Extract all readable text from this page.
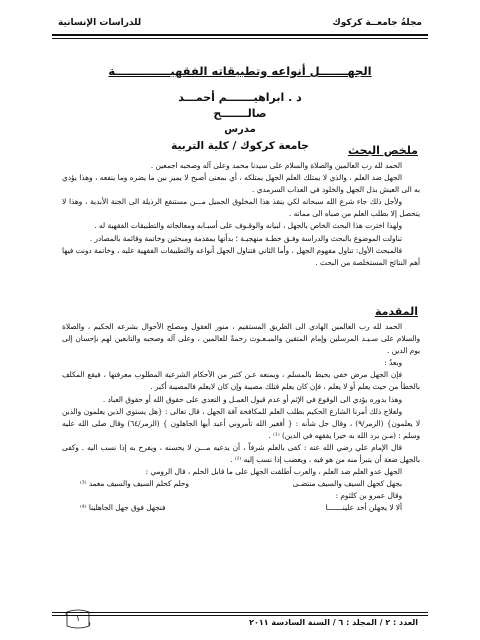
مجلةُ جامعــة كركوك
للدراسات الإنسانية
الجهـــــــل أنواعه وتطبيقاته الفقهيــــــــــــــة
د . ابراهيـــــــم أحمـــد صالـــــــح
مدرس
جامعة كركوك / كلية التربية	ملخص البحث

الحمد لله رب العالمين والصلاة والسلام على سيدنا محمد وعلى آله وصحبه اجمعين .

الجهل ضد العلم ، والذي لا يمتلك العلم الجهل يمتلكه ، أي بمعنى أصبح لا يميز بين ما يضره وما ينفعه ، وهذا يؤدي به الى العيش بذل الجهل والخلود في العذاب السرمدي .

ولأجل ذلك جاء شرع الله سبحانه لكي ينقذ هذا المخلوق الجميل مـــن مستنقع الرذيلة الى الجنة الأبدية ، وهذا لا يتحصل إلا بطلب العلم من صباه الى مماته .

ولهذا اخترت هذا البحث الخاص بالجهل ، لبيانه والوقـوف على أسبـابه ومعالجاته والتطبيقات الفقهية له .

تناولت الموضوع بالبحث والدراسة وفـق خطـة منهجيـة ؛ بدأتها بمقدمة ومبحثين وخاتمة وقائمة بالمصادر .

فالمبحث الأول: تناول مفهوم الجهل ، وأما الثاني فتناول الجهل أنواعه والتطبيقات الفقهية عليه ، وخاتمة دونت فيها أهم النتائج المستخلصة من البحث .

المقدمة

الحمد لله رب العالمين الهادي الى الطريق المستقيم ، منور العقول ومصلح الأحوال بشرعه الحكيم ، والصلاة والسلام على سـيـد المرسلين وإمام المتقين والمبـعـوث رحمةً للعالمين ، وعلى آله وصحبه والتابعين لهم بإحسان إلى يوم الدين .

وبعدُ :

فإن الجهل مرض خفي يحيط بالمسلم ، ويمنعه عـن كثير من الأحكام الشرعية المطلوب معرفتها ، فيقع المكلف بالخطأ من حيث يعلم أو لا يعلم ، فإن كان يعلم فتلك مصيبة وإن كان لايعلم فالمصيبة أكبر .

وهذا بدوره يؤدي الى الوقوع في الإثم أو عدم قبول العمـل و التعدي على حقوق الله أو حقوق العباد .

ولعلاج ذلك أمرنا الشارع الحكيم بطلب العلم للمكافحة آفة الجهل ، قال تعالى : {هل يستوي الذين يعلمون والذين لا يعلمون} (الزمر/٩) ، وقال جل شأنه : { أفغير الله تأمروني أعبد أيها الجاهلون } (الزمر/٦٤) وقال صلى الله عليه وسلم : (مـن يرد الله به خيرا يفقهه في الدين) ⁽¹⁾ .

قال الإمام علي رضي الله عنه : كفى بالعلم شرفاً ، أن يدعيه مـــن لا يحسنه ، ويفرح به إذا نسب اليه . وكفى بالجهل ضعة أن يتبرأ منه من هو فيه ، ويغضب إذا نسب إليه ⁽²⁾ .

الجهل عدو العلم ضد العلم ، والعرب أطلقت الجهل على ما قابل الحلم ، قال الرومي :

بجهل كجهل السيف والسيف منتضـى
وحلم كحلم السيف والسيف مغمد ⁽³⁾
وقال عمرو بن كلثوم :
ألا لا يجهلن أحد علينـــــــا
فنجهل فوق جهل الجاهلينا ⁽⁴⁾
العدد : ٢ / المجلد : ٦ / السنة السادسة ٢٠١١
١
